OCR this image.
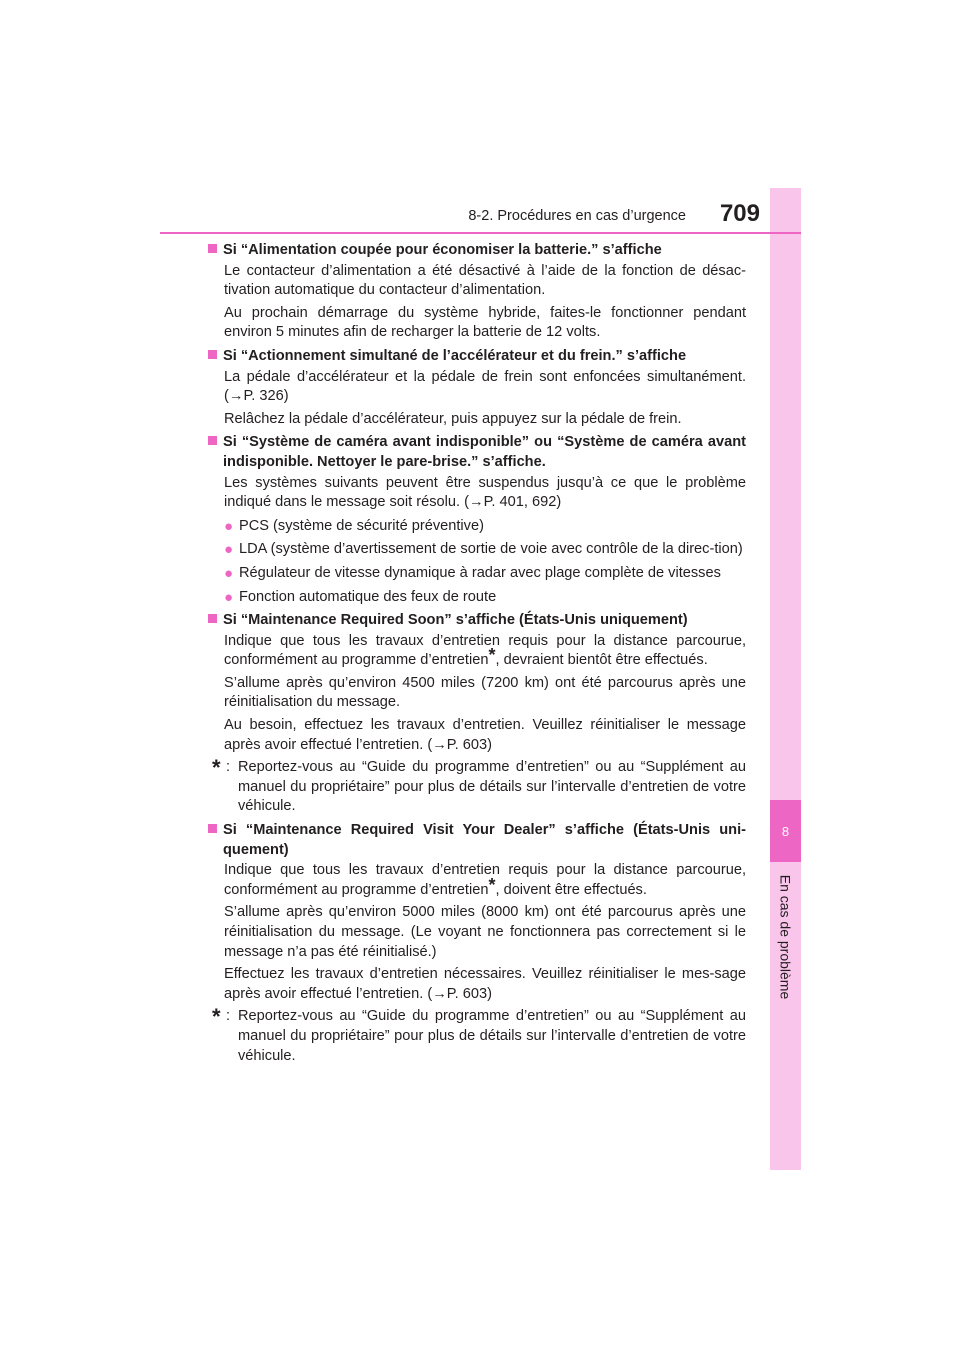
8
En cas de problème
8-2. Procédures en cas d’urgence	709
Si “Alimentation coupée pour économiser la batterie.” s’affiche
Le contacteur d’alimentation a été désactivé à l’aide de la fonction de désac-tivation automatique du contacteur d’alimentation.
Au prochain démarrage du système hybride, faites-le fonctionner pendant environ 5 minutes afin de recharger la batterie de 12 volts.
Si “Actionnement simultané de l’accélérateur et du frein.” s’affiche
La pédale d’accélérateur et la pédale de frein sont enfoncées simultanément. (→P. 326)
Relâchez la pédale d’accélérateur, puis appuyez sur la pédale de frein.
Si “Système de caméra avant indisponible” ou “Système de caméra avant indisponible. Nettoyer le pare-brise.” s’affiche.
Les systèmes suivants peuvent être suspendus jusqu’à ce que le problème indiqué dans le message soit résolu. (→P. 401, 692)
● PCS (système de sécurité préventive)
● LDA (système d’avertissement de sortie de voie avec contrôle de la direc-tion)
● Régulateur de vitesse dynamique à radar avec plage complète de vitesses
● Fonction automatique des feux de route
Si “Maintenance Required Soon” s’affiche (États-Unis uniquement)
Indique que tous les travaux d’entretien requis pour la distance parcourue, conformément au programme d’entretien*, devraient bientôt être effectués.
S’allume après qu’environ 4500 miles (7200 km) ont été parcourus après une réinitialisation du message.
Au besoin, effectuez les travaux d’entretien. Veuillez réinitialiser le message après avoir effectué l’entretien. (→P. 603)
* : Reportez-vous au “Guide du programme d’entretien” ou au “Supplément au manuel du propriétaire” pour plus de détails sur l’intervalle d’entretien de votre véhicule.
Si “Maintenance Required Visit Your Dealer” s’affiche (États-Unis uni-quement)
Indique que tous les travaux d’entretien requis pour la distance parcourue, conformément au programme d’entretien*, doivent être effectués.
S’allume après qu’environ 5000 miles (8000 km) ont été parcourus après une réinitialisation du message. (Le voyant ne fonctionnera pas correctement si le message n’a pas été réinitialisé.)
Effectuez les travaux d’entretien nécessaires. Veuillez réinitialiser le mes-sage après avoir effectué l’entretien. (→P. 603)
* : Reportez-vous au “Guide du programme d’entretien” ou au “Supplément au manuel du propriétaire” pour plus de détails sur l’intervalle d’entretien de votre véhicule.
